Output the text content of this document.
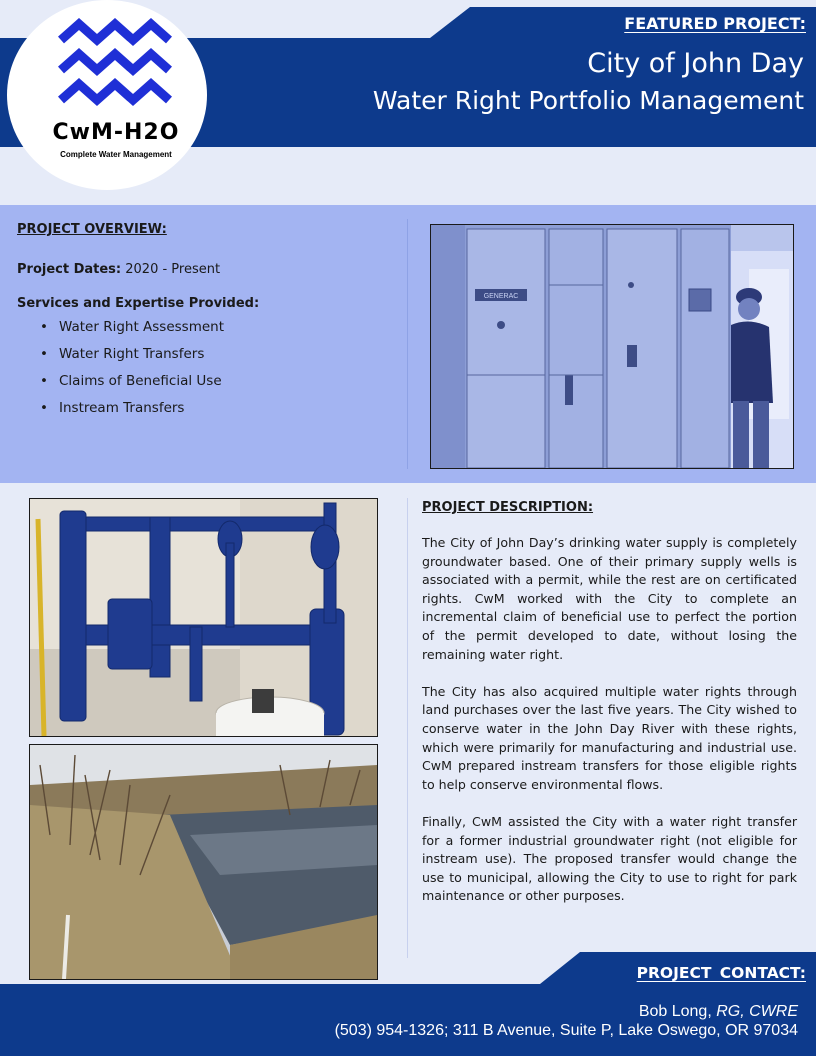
FEATURED PROJECT:
City of John Day
Water Right Portfolio Management
CwM-H2O
Complete Water Management
PROJECT OVERVIEW:

Project Dates: 2020 - Present

Services and Expertise Provided:

• Water Right Assessment
• Water Right Transfers
• Claims of Beneficial Use
• Instream Transfers
GENERAC
PROJECT DESCRIPTION:

The City of John Day’s drinking water supply is completely groundwater based. One of their primary supply wells is associated with a permit, while the rest are on certificated rights. CwM worked with the City to complete an incremental claim of beneficial use to perfect the portion of the permit developed to date, without losing the remaining water right.

The City has also acquired multiple water rights through land purchases over the last five years. The City wished to conserve water in the John Day River with these rights, which were primarily for manufacturing and industrial use. CwM prepared instream transfers for those eligible rights to help conserve environmental flows.

Finally, CwM assisted the City with a water right transfer for a former industrial groundwater right (not eligible for instream use). The proposed transfer would change the use to municipal, allowing the City to use to right for park maintenance or other purposes.

PROJECT CONTACT:

Bob Long, RG, CWRE

(503) 954-1326; 311 B Avenue, Suite P, Lake Oswego, OR 97034
